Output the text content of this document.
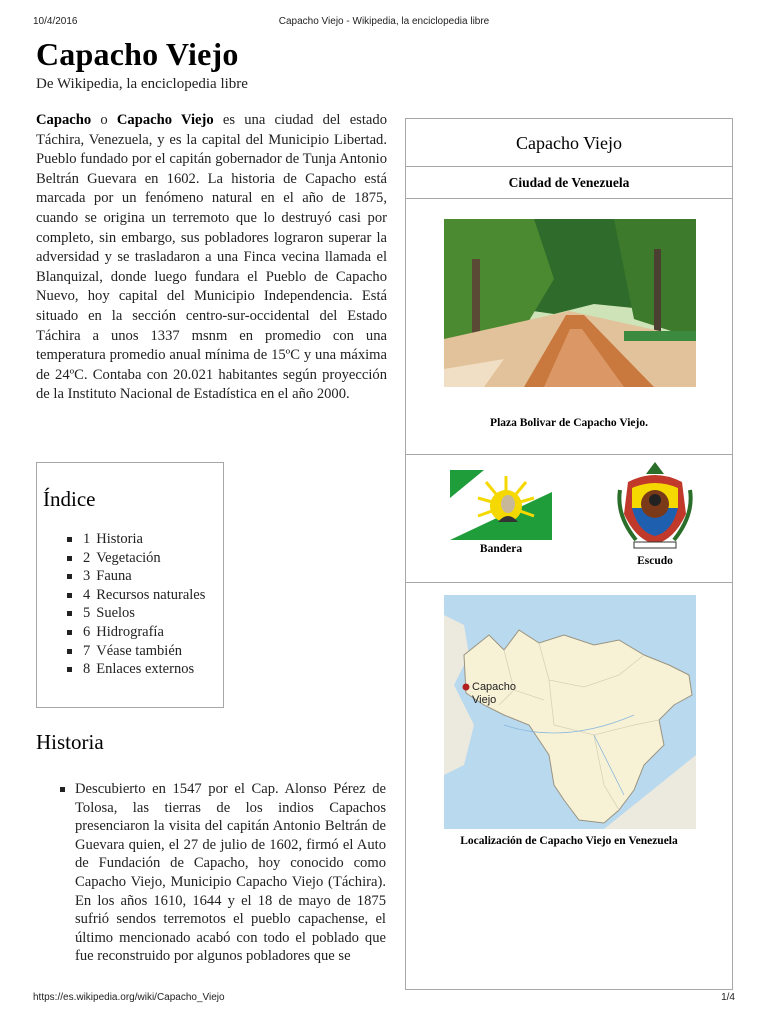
10/4/2016	Capacho Viejo - Wikipedia, la enciclopedia libre
Capacho Viejo
De Wikipedia, la enciclopedia libre
Capacho o Capacho Viejo es una ciudad del estado Táchira, Venezuela, y es la capital del Municipio Libertad. Pueblo fundado por el capitán gobernador de Tunja Antonio Beltrán Guevara en 1602. La historia de Capacho está marcada por un fenómeno natural en el año de 1875, cuando se origina un terremoto que lo destruyó casi por completo, sin embargo, sus pobladores lograron superar la adversidad y se trasladaron a una Finca vecina llamada el Blanquizal, donde luego fundara el Pueblo de Capacho Nuevo, hoy capital del Municipio Independencia. Está situado en la sección centro-sur-occidental del Estado Táchira a unos 1337 msnm en promedio con una temperatura promedio anual mínima de 15ºC y una máxima de 24ºC. Contaba con 20.021 habitantes según proyección de la Instituto Nacional de Estadística en el año 2000.
Índice
1 Historia
2 Vegetación
3 Fauna
4 Recursos naturales
5 Suelos
6 Hidrografía
7 Véase también
8 Enlaces externos
Historia
Descubierto en 1547 por el Cap. Alonso Pérez de Tolosa, las tierras de los indios Capachos presenciaron la visita del capitán Antonio Beltrán de Guevara quien, el 27 de julio de 1602, firmó el Auto de Fundación de Capacho, hoy conocido como Capacho Viejo, Municipio Capacho Viejo (Táchira). En los años 1610, 1644 y el 18 de mayo de 1875 sufrió sendos terremotos el pueblo capachense, el último mencionado acabó con todo el poblado que fue reconstruido por algunos pobladores que se
Capacho Viejo
Ciudad de Venezuela
Plaza Bolivar de Capacho Viejo.
Bandera
Escudo
Capacho
Viejo
Localización de Capacho Viejo en Venezuela
https://es.wikipedia.org/wiki/Capacho_Viejo	1/4
